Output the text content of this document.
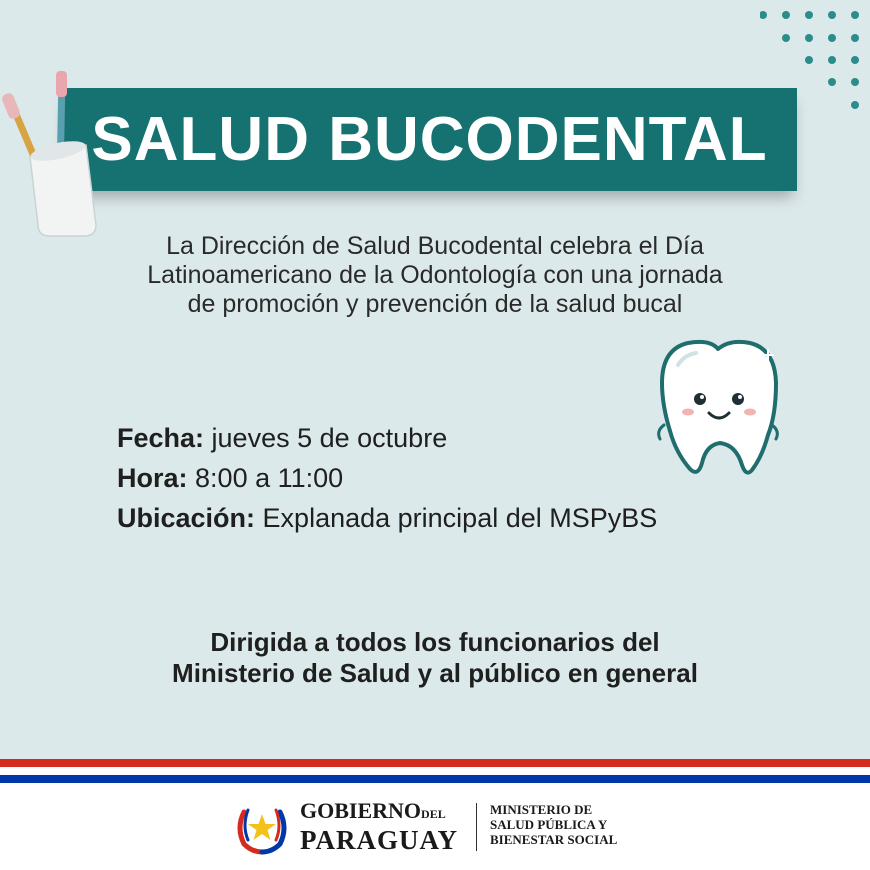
SALUD BUCODENTAL
La Dirección de Salud Bucodental celebra el Día
Latinoamericano de la Odontología con una jornada
de promoción y prevención de la salud bucal
Fecha: jueves 5 de octubre
Hora: 8:00 a 11:00
Ubicación: Explanada principal del MSPyBS
Dirigida a todos los funcionarios del
Ministerio de Salud y al público en general
GOBIERNODEL
PARAGUAY
MINISTERIO DE
SALUD PÚBLICA Y
BIENESTAR SOCIAL
